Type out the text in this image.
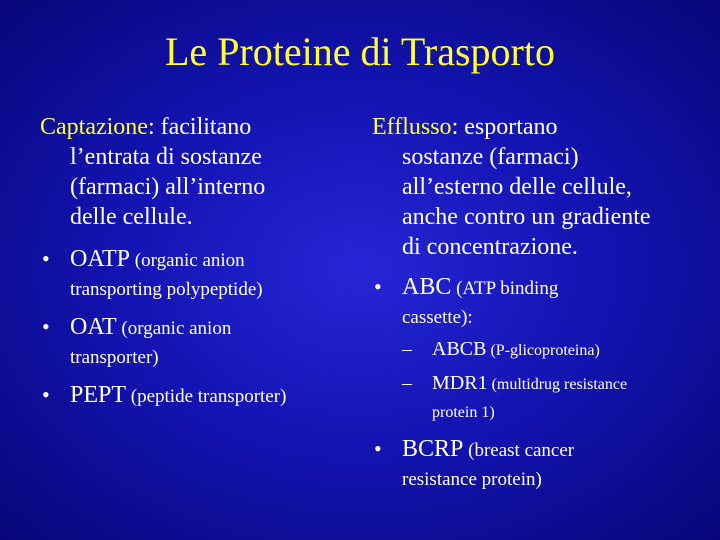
Le Proteine di Trasporto
Captazione: facilitano
l’entrata di sostanze (farmaci) all’interno delle cellule.
• OATP (organic anion
transporting polypeptide)
• OAT (organic anion
transporter)
• PEPT (peptide transporter)
Efflusso: esportano
sostanze (farmaci) all’esterno delle cellule, anche contro un gradiente di concentrazione.
• ABC (ATP binding
cassette):
– ABCB (P-glicoproteina)
– MDR1 (multidrug resistance
protein 1)
• BCRP (breast cancer
resistance protein)
